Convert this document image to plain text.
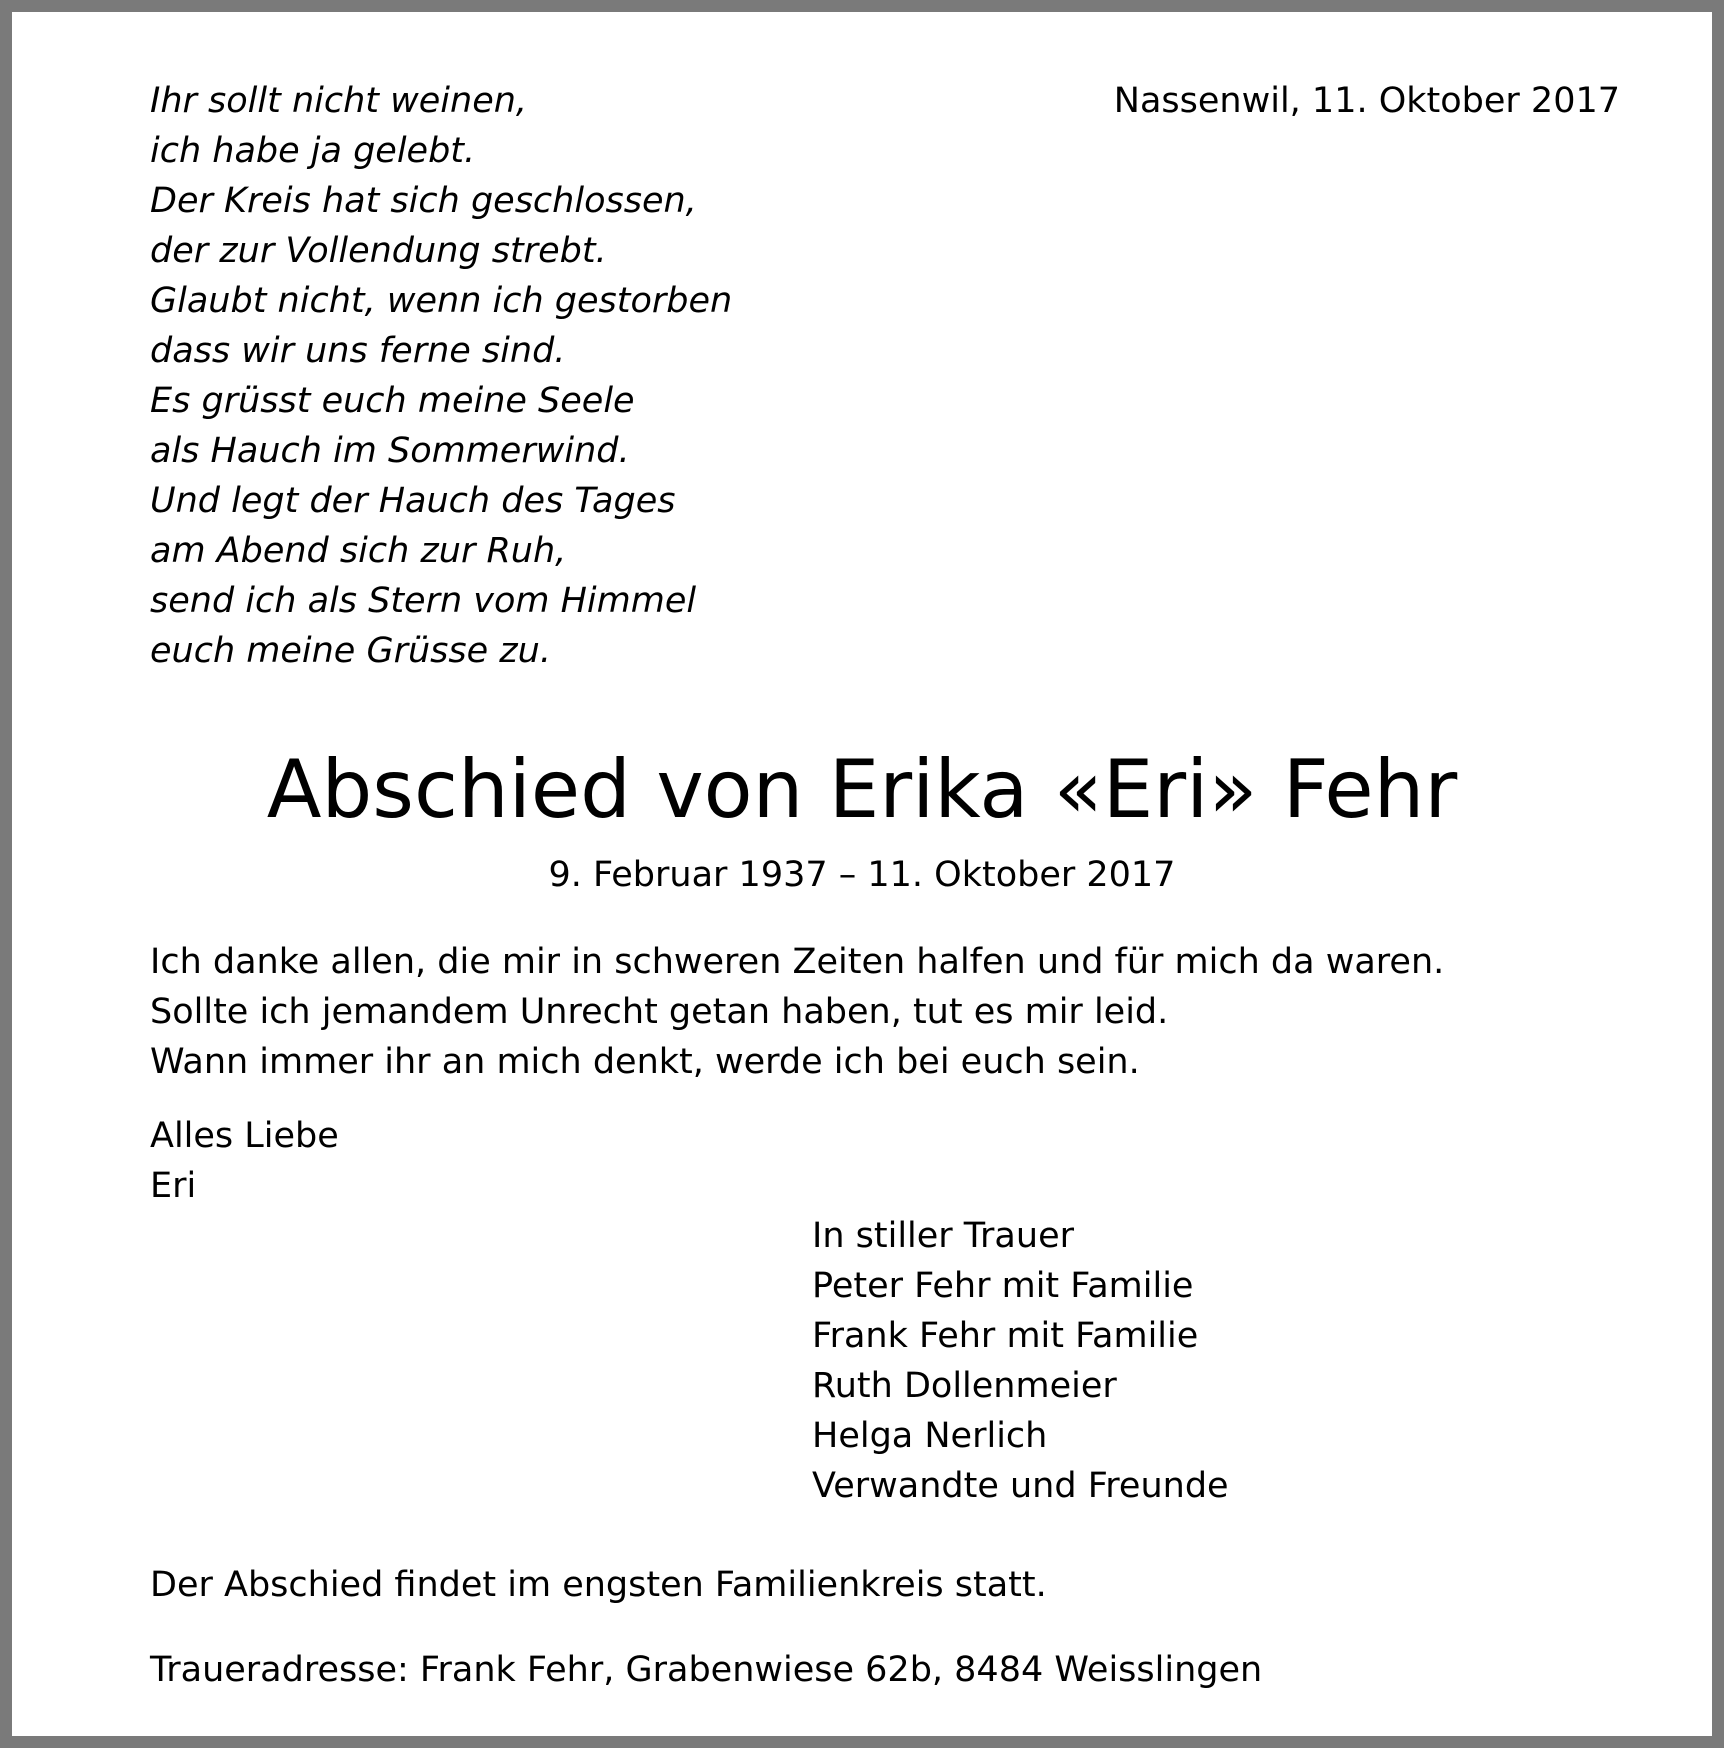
Ihr sollt nicht weinen,
ich habe ja gelebt.
Der Kreis hat sich geschlossen,
der zur Vollendung strebt.
Glaubt nicht, wenn ich gestorben
dass wir uns ferne sind.
Es grüsst euch meine Seele
als Hauch im Sommerwind.
Und legt der Hauch des Tages
am Abend sich zur Ruh,
send ich als Stern vom Himmel
euch meine Grüsse zu.
Nassenwil, 11. Oktober 2017
Abschied von Erika «Eri» Fehr
9. Februar 1937 – 11. Oktober 2017
Ich danke allen, die mir in schweren Zeiten halfen und für mich da waren.
Sollte ich jemandem Unrecht getan haben, tut es mir leid.
Wann immer ihr an mich denkt, werde ich bei euch sein.
Alles Liebe
Eri
In stiller Trauer
Peter Fehr mit Familie
Frank Fehr mit Familie
Ruth Dollenmeier
Helga Nerlich
Verwandte und Freunde
Der Abschied findet im engsten Familienkreis statt.
Traueradresse: Frank Fehr, Grabenwiese 62b, 8484 Weisslingen
